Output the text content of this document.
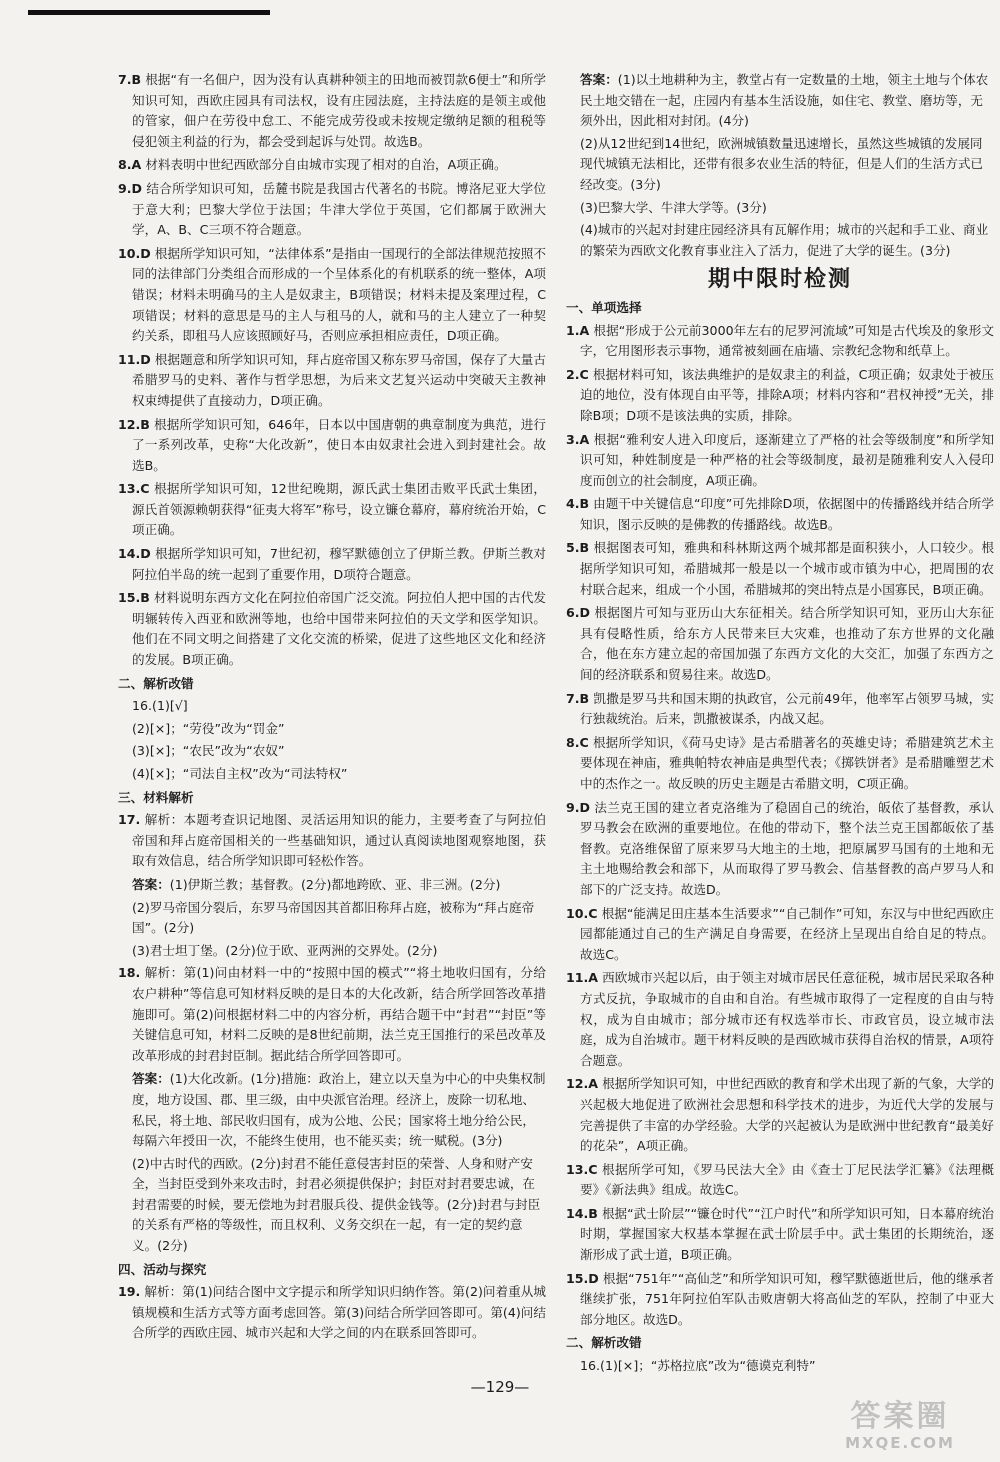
7.B 根据“有一名佃户，因为没有认真耕种领主的田地而被罚款6便士”和所学知识可知，西欧庄园具有司法权，设有庄园法庭，主持法庭的是领主或他的管家，佃户在劳役中怠工、不能完成劳役或未按规定缴纳足额的租税等侵犯领主利益的行为，都会受到起诉与处罚。故选B。
8.A 材料表明中世纪西欧部分自由城市实现了相对的自治，A项正确。
9.D 结合所学知识可知，岳麓书院是我国古代著名的书院。博洛尼亚大学位于意大利；巴黎大学位于法国；牛津大学位于英国，它们都属于欧洲大学，A、B、C三项不符合题意。
10.D 根据所学知识可知，“法律体系”是指由一国现行的全部法律规范按照不同的法律部门分类组合而形成的一个呈体系化的有机联系的统一整体，A项错误；材料未明确马的主人是奴隶主，B项错误；材料未提及案理过程，C项错误；材料的意思是马的主人与租马的人，就和马的主人建立了一种契约关系，即租马人应该照顾好马，否则应承担相应责任，D项正确。
11.D 根据题意和所学知识可知，拜占庭帝国又称东罗马帝国，保存了大量古希腊罗马的史料、著作与哲学思想，为后来文艺复兴运动中突破天主教神权束缚提供了直接动力，D项正确。
12.B 根据所学知识可知，646年，日本以中国唐朝的典章制度为典范，进行了一系列改革，史称“大化改新”，使日本由奴隶社会进入到封建社会。故选B。
13.C 根据所学知识可知，12世纪晚期，源氏武士集团击败平氏武士集团，源氏首领源赖朝获得“征夷大将军”称号，设立镰仓幕府，幕府统治开始，C项正确。
14.D 根据所学知识可知，7世纪初，穆罕默德创立了伊斯兰教。伊斯兰教对阿拉伯半岛的统一起到了重要作用，D项符合题意。
15.B 材料说明东西方文化在阿拉伯帝国广泛交流。阿拉伯人把中国的古代发明辗转传入西亚和欧洲等地，也给中国带来阿拉伯的天文学和医学知识。他们在不同文明之间搭建了文化交流的桥梁，促进了这些地区文化和经济的发展。B项正确。
二、解析改错
16.(1)[√]
(2)[×]；“劳役”改为“罚金”
(3)[×]；“农民”改为“农奴”
(4)[×]；“司法自主权”改为“司法特权”
三、材料解析
17. 解析：本题考查识记地图、灵活运用知识的能力，主要考查了与阿拉伯帝国和拜占庭帝国相关的一些基础知识，通过认真阅读地图观察地图，获取有效信息，结合所学知识即可轻松作答。
答案：(1)伊斯兰教；基督教。(2分)都地跨欧、亚、非三洲。(2分)
(2)罗马帝国分裂后，东罗马帝国因其首都旧称拜占庭，被称为“拜占庭帝国”。(2分)
(3)君士坦丁堡。(2分)位于欧、亚两洲的交界处。(2分)
18. 解析：第(1)问由材料一中的“按照中国的模式”“将土地收归国有，分给农户耕种”等信息可知材料反映的是日本的大化改新，结合所学回答改革措施即可。第(2)问根据材料二中的内容分析，再结合题干中“封君”“封臣”等关键信息可知，材料二反映的是8世纪前期，法兰克王国推行的采邑改革及改革形成的封君封臣制。据此结合所学回答即可。
答案：(1)大化改新。(1分)措施：政治上，建立以天皇为中心的中央集权制度，地方设国、郡、里三级，由中央派官治理。经济上，废除一切私地、私民，将土地、部民收归国有，成为公地、公民；国家将土地分给公民，每隔六年授田一次，不能终生使用，也不能买卖；统一赋税。(3分)
(2)中古时代的西欧。(2分)封君不能任意侵害封臣的荣誉、人身和财产安全，当封臣受到外来攻击时，封君必须提供保护；封臣对封君要忠诚，在封君需要的时候，要无偿地为封君服兵役、提供金钱等。(2分)封君与封臣的关系有严格的等级性，而且权利、义务交织在一起，有一定的契约意义。(2分)
四、活动与探究
19. 解析：第(1)问结合图中文字提示和所学知识归纳作答。第(2)问着重从城镇规模和生活方式等方面考虑回答。第(3)问结合所学回答即可。第(4)问结合所学的西欧庄园、城市兴起和大学之间的内在联系回答即可。
答案：(1)以土地耕种为主，教堂占有一定数量的土地，领主土地与个体农民土地交错在一起，庄园内有基本生活设施，如住宅、教堂、磨坊等，无须外出，因此相对封闭。(4分)
(2)从12世纪到14世纪，欧洲城镇数量迅速增长，虽然这些城镇的发展同现代城镇无法相比，还带有很多农业生活的特征，但是人们的生活方式已经改变。(3分)
(3)巴黎大学、牛津大学等。(3分)
(4)城市的兴起对封建庄园经济具有瓦解作用；城市的兴起和手工业、商业的繁荣为西欧文化教育事业注入了活力，促进了大学的诞生。(3分)
期中限时检测
一、单项选择
1.A 根据“形成于公元前3000年左右的尼罗河流域”可知是古代埃及的象形文字，它用图形表示事物，通常被刻画在庙墙、宗教纪念物和纸草上。
2.C 根据材料可知，该法典维护的是奴隶主的利益，C项正确；奴隶处于被压迫的地位，没有体现自由平等，排除A项；材料内容和“君权神授”无关，排除B项；D项不是该法典的实质，排除。
3.A 根据“雅利安人进入印度后，逐渐建立了严格的社会等级制度”和所学知识可知，种姓制度是一种严格的社会等级制度，最初是随雅利安人入侵印度而创立的社会制度，A项正确。
4.B 由题干中关键信息“印度”可先排除D项，依据图中的传播路线并结合所学知识，图示反映的是佛教的传播路线。故选B。
5.B 根据图表可知，雅典和科林斯这两个城邦都是面积狭小，人口较少。根据所学知识可知，希腊城邦一般是以一个城市或市镇为中心，把周围的农村联合起来，组成一个小国，希腊城邦的突出特点是小国寡民，B项正确。
6.D 根据图片可知与亚历山大东征相关。结合所学知识可知，亚历山大东征具有侵略性质，给东方人民带来巨大灾难，也推动了东方世界的文化融合，他在东方建立起的帝国加强了东西方文化的大交汇，加强了东西方之间的经济联系和贸易往来。故选D。
7.B 凯撒是罗马共和国末期的执政官，公元前49年，他率军占领罗马城，实行独裁统治。后来，凯撒被谋杀，内战又起。
8.C 根据所学知识，《荷马史诗》是古希腊著名的英雄史诗；希腊建筑艺术主要体现在神庙，雅典帕特农神庙是典型代表；《掷铁饼者》是希腊雕塑艺术中的杰作之一。故反映的历史主题是古希腊文明，C项正确。
9.D 法兰克王国的建立者克洛维为了稳固自己的统治，皈依了基督教，承认罗马教会在欧洲的重要地位。在他的带动下，整个法兰克王国都皈依了基督教。克洛维保留了原来罗马大地主的土地，把原属罗马国有的土地和无主土地赐给教会和部下，从而取得了罗马教会、信基督教的高卢罗马人和部下的广泛支持。故选D。
10.C 根据“能满足田庄基本生活要求”“自己制作”可知，东汉与中世纪西欧庄园都能通过自己的生产满足自身需要，在经济上呈现出自给自足的特点。故选C。
11.A 西欧城市兴起以后，由于领主对城市居民任意征税，城市居民采取各种方式反抗，争取城市的自由和自治。有些城市取得了一定程度的自由与特权，成为自由城市；部分城市还有权选举市长、市政官员，设立城市法庭，成为自治城市。题干材料反映的是西欧城市获得自治权的情景，A项符合题意。
12.A 根据所学知识可知，中世纪西欧的教育和学术出现了新的气象，大学的兴起极大地促进了欧洲社会思想和科学技术的进步，为近代大学的发展与完善提供了丰富的办学经验。大学的兴起被认为是欧洲中世纪教育“最美好的花朵”，A项正确。
13.C 根据所学可知，《罗马民法大全》由《查士丁尼民法学汇纂》《法理概要》《新法典》组成。故选C。
14.B 根据“武士阶层”“镰仓时代”“江户时代”和所学知识可知，日本幕府统治时期，掌握国家大权基本掌握在武士阶层手中。武士集团的长期统治，逐渐形成了武士道，B项正确。
15.D 根据“751年”“高仙芝”和所学知识可知，穆罕默德逝世后，他的继承者继续扩张，751年阿拉伯军队击败唐朝大将高仙芝的军队，控制了中亚大部分地区。故选D。
二、解析改错
16.(1)[×]；“苏格拉底”改为“德谟克利特”
—129—
答案圈
MXQE.COM
